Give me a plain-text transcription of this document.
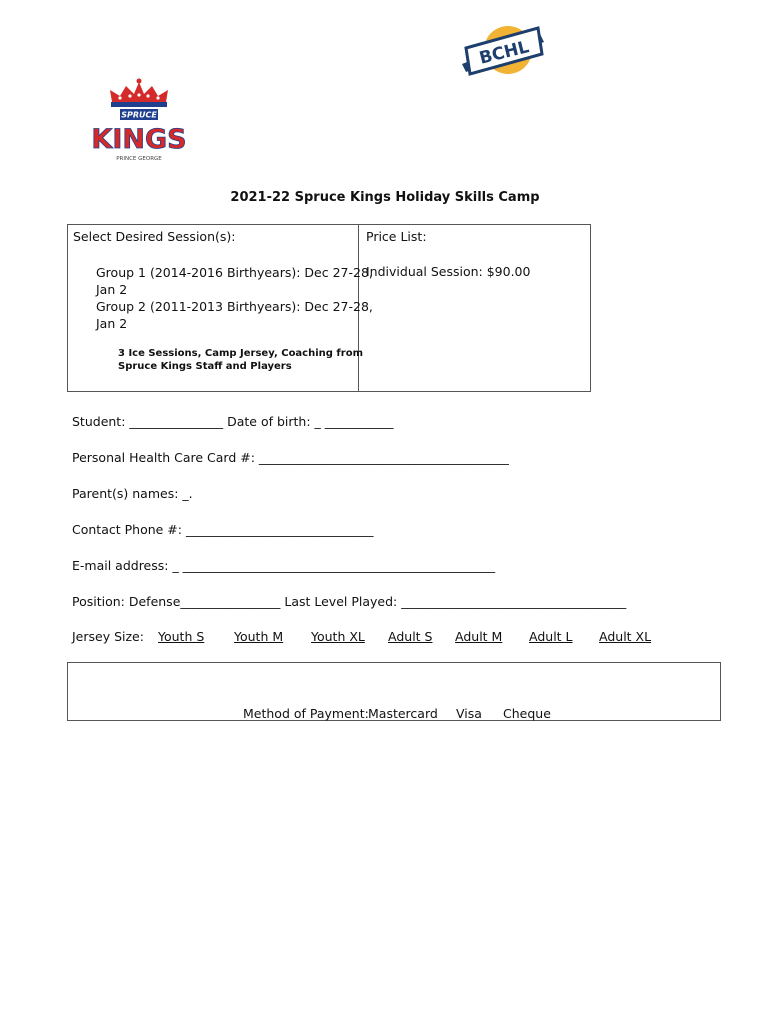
SPRUCE
KINGS
PRINCE GEORGE
BCHL
2021-22 Spruce Kings Holiday Skills Camp
Select Desired Session(s):
Group 1 (2014-2016 Birthyears): Dec 27-28,
Jan 2
Group 2 (2011-2013 Birthyears): Dec 27-28,
Jan 2
3 Ice Sessions, Camp Jersey, Coaching from
Spruce Kings Staff and Players
Price List:
Individual Session: $90.00
Student: _______________ Date of birth: _ ___________
Personal Health Care Card #: ________________________________________
Parent(s) names: _.
Contact Phone #: ______________________________
E-mail address: _ __________________________________________________
Position: Defense________________ Last Level Played: ____________________________________
Jersey Size: Youth S Youth M Youth XL Adult S Adult M Adult L Adult XL
Method of Payment: Mastercard Visa Cheque
